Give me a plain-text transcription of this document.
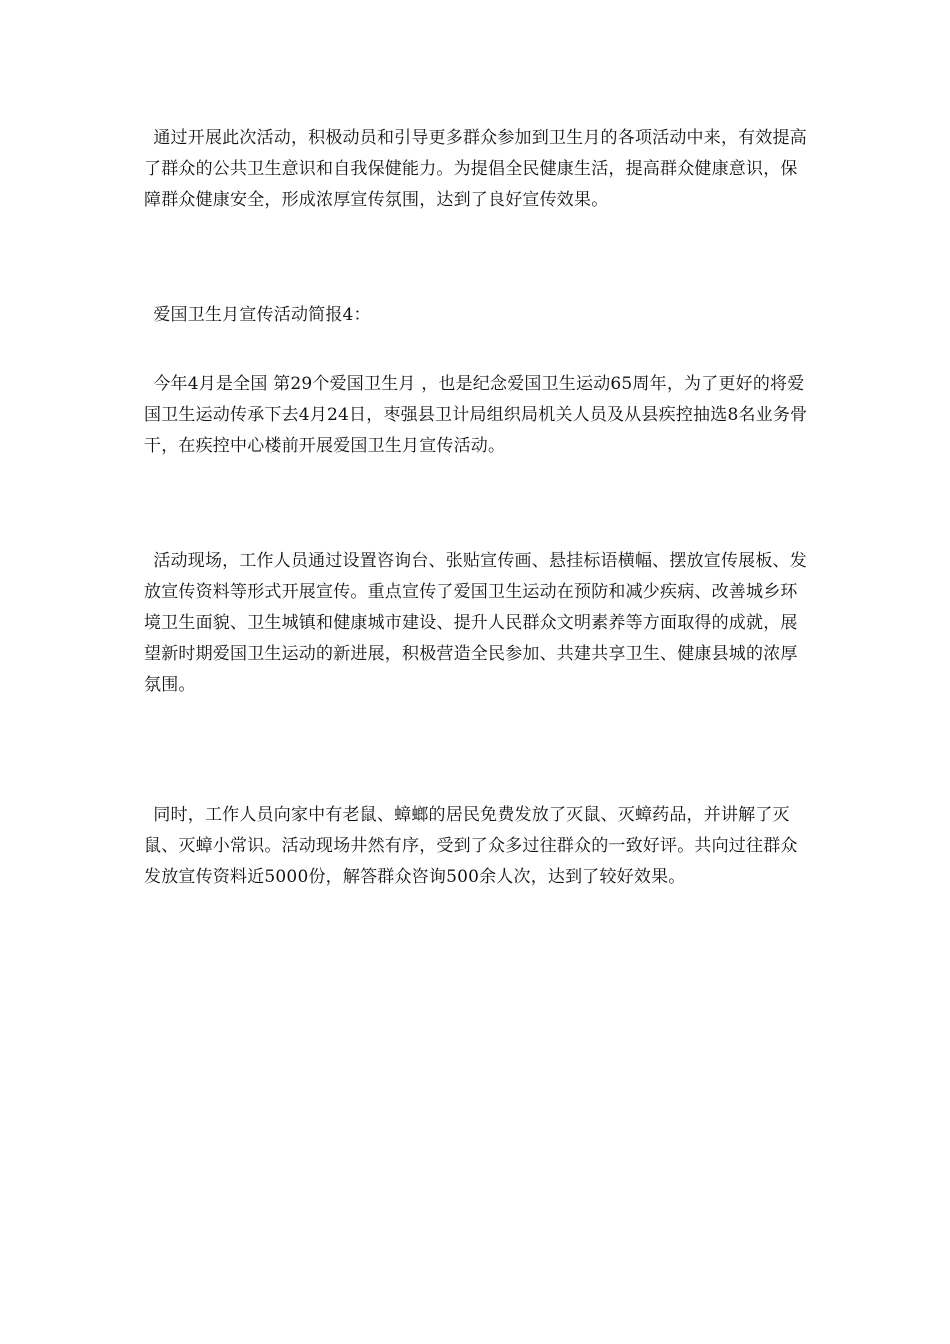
通过开展此次活动，积极动员和引导更多群众参加到卫生月的各项活动中来，有效提高了群众的公共卫生意识和自我保健能力。为提倡全民健康生活，提高群众健康意识，保障群众健康安全，形成浓厚宣传氛围，达到了良好宣传效果。

爱国卫生月宣传活动简报4：

今年4月是全国 第29个爱国卫生月 ，也是纪念爱国卫生运动65周年，为了更好的将爱国卫生运动传承下去4月24日，枣强县卫计局组织局机关人员及从县疾控抽选8名业务骨干，在疾控中心楼前开展爱国卫生月宣传活动。

活动现场，工作人员通过设置咨询台、张贴宣传画、悬挂标语横幅、摆放宣传展板、发放宣传资料等形式开展宣传。重点宣传了爱国卫生运动在预防和减少疾病、改善城乡环境卫生面貌、卫生城镇和健康城市建设、提升人民群众文明素养等方面取得的成就，展望新时期爱国卫生运动的新进展，积极营造全民参加、共建共享卫生、健康县城的浓厚氛围。

同时，工作人员向家中有老鼠、蟑螂的居民免费发放了灭鼠、灭蟑药品，并讲解了灭鼠、灭蟑小常识。活动现场井然有序，受到了众多过往群众的一致好评。共向过往群众发放宣传资料近5000份，解答群众咨询500余人次，达到了较好效果。
